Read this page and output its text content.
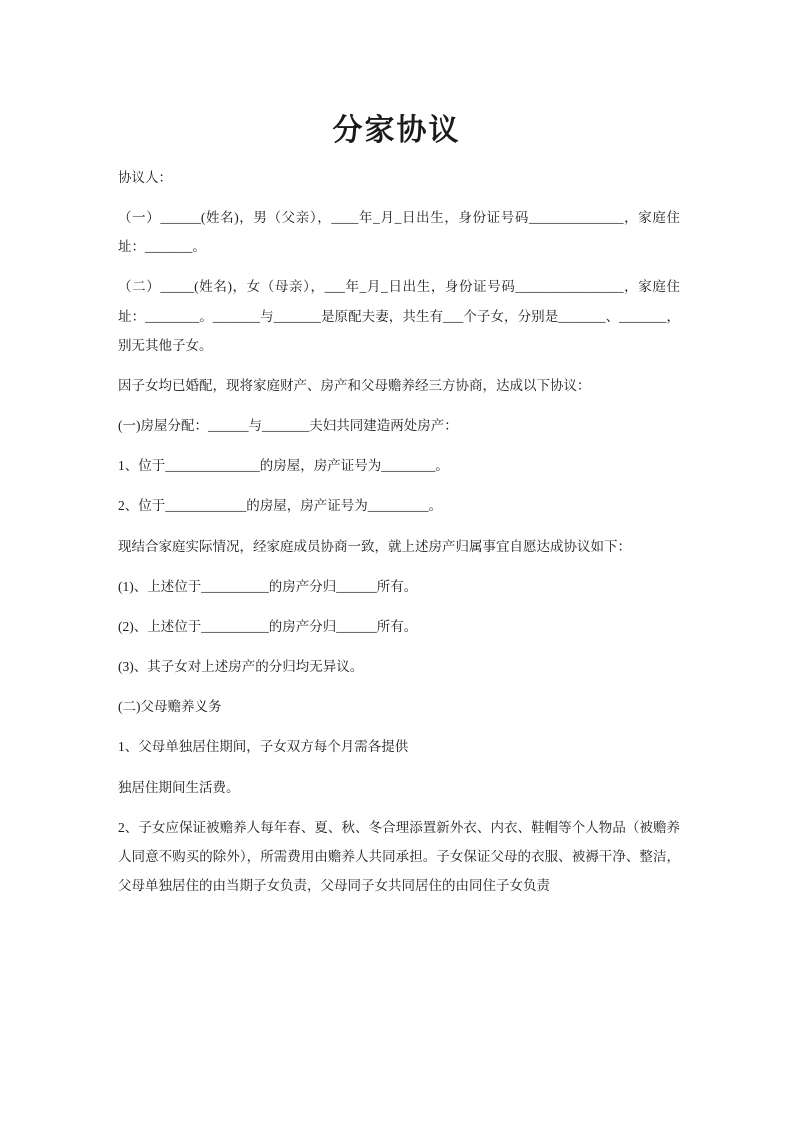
分家协议

协议人：

（一）______(姓名)，男（父亲），____年_月_日出生，身份证号码______________，家庭住址：_______。

（二）_____(姓名)，女（母亲），___年_月_日出生，身份证号码________________，家庭住址：________。_______与_______是原配夫妻，共生有___个子女，分别是_______、_______，别无其他子女。

因子女均已婚配，现将家庭财产、房产和父母赡养经三方协商，达成以下协议：

(一)房屋分配：______与_______夫妇共同建造两处房产：

1、位于______________的房屋，房产证号为________。

2、位于____________的房屋，房产证号为_________。

现结合家庭实际情况，经家庭成员协商一致，就上述房产归属事宜自愿达成协议如下：

(1)、上述位于__________的房产分归______所有。

(2)、上述位于__________的房产分归______所有。

(3)、其子女对上述房产的分归均无异议。

(二)父母赡养义务

1、父母单独居住期间，子女双方每个月需各提供

独居住期间生活费。

2、子女应保证被赡养人每年春、夏、秋、冬合理添置新外衣、内衣、鞋帽等个人物品（被赡养人同意不购买的除外），所需费用由赡养人共同承担。子女保证父母的衣服、被褥干净、整洁，父母单独居住的由当期子女负责，父母同子女共同居住的由同住子女负责
